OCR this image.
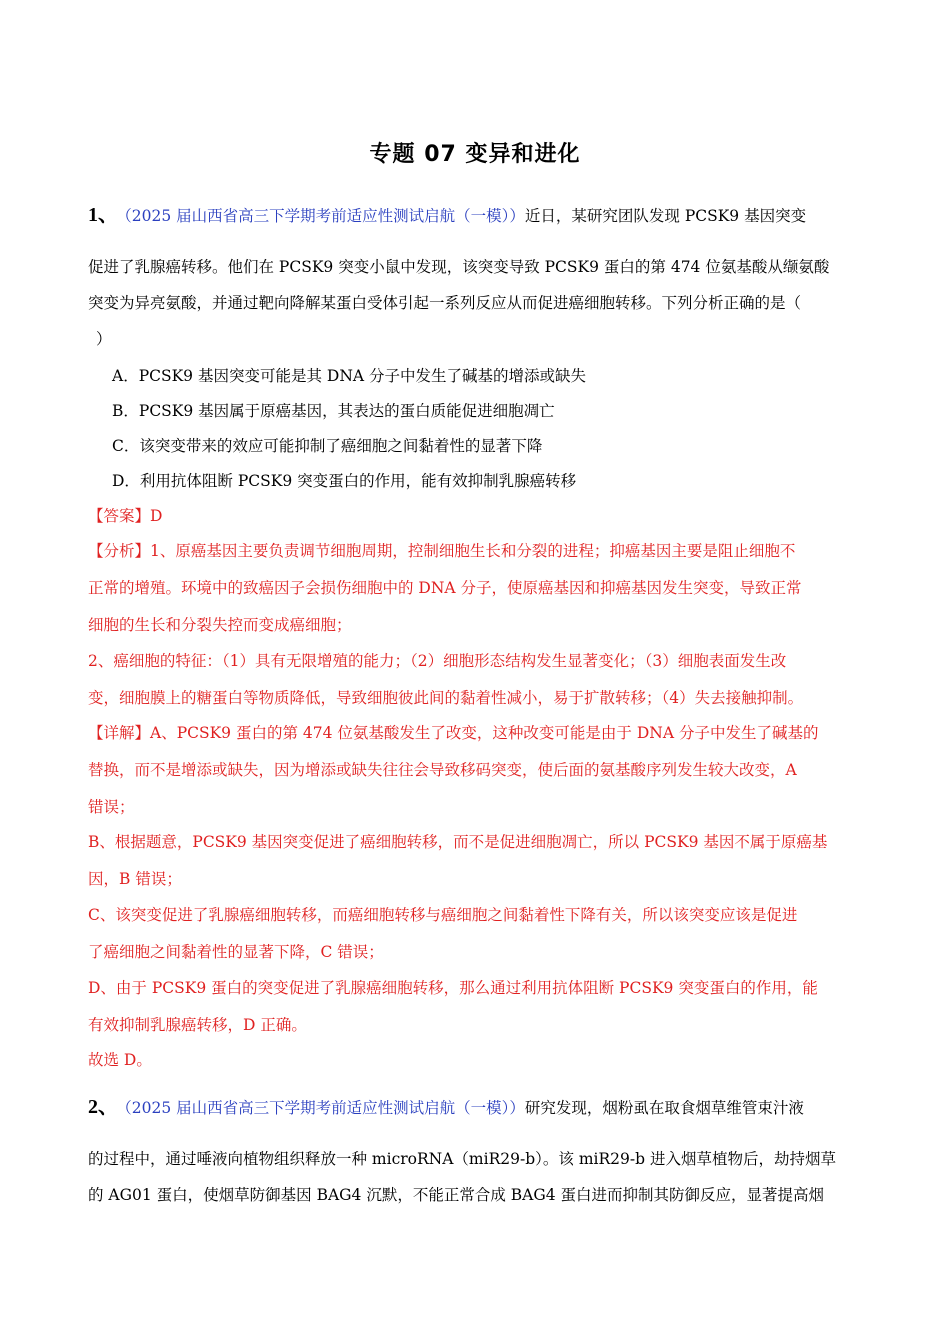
专题 07 变异和进化
1、 （2025 届山西省高三下学期考前适应性测试启航（一模））近日，某研究团队发现 PCSK9 基因突变
促进了乳腺癌转移。他们在 PCSK9 突变小鼠中发现，该突变导致 PCSK9 蛋白的第 474 位氨基酸从缬氨酸
突变为异亮氨酸，并通过靶向降解某蛋白受体引起一系列反应从而促进癌细胞转移。下列分析正确的是（
）
A．PCSK9 基因突变可能是其 DNA 分子中发生了碱基的增添或缺失
B．PCSK9 基因属于原癌基因，其表达的蛋白质能促进细胞凋亡
C．该突变带来的效应可能抑制了癌细胞之间黏着性的显著下降
D．利用抗体阻断 PCSK9 突变蛋白的作用，能有效抑制乳腺癌转移
【答案】D
【分析】1、原癌基因主要负责调节细胞周期，控制细胞生长和分裂的进程；抑癌基因主要是阻止细胞不
正常的增殖。环境中的致癌因子会损伤细胞中的 DNA 分子，使原癌基因和抑癌基因发生突变，导致正常
细胞的生长和分裂失控而变成癌细胞；
2、癌细胞的特征：（1）具有无限增殖的能力；（2）细胞形态结构发生显著变化；（3）细胞表面发生改
变，细胞膜上的糖蛋白等物质降低，导致细胞彼此间的黏着性减小，易于扩散转移；（4）失去接触抑制。
【详解】A、PCSK9 蛋白的第 474 位氨基酸发生了改变，这种改变可能是由于 DNA 分子中发生了碱基的
替换，而不是增添或缺失，因为增添或缺失往往会导致移码突变，使后面的氨基酸序列发生较大改变，A
错误；
B、根据题意，PCSK9 基因突变促进了癌细胞转移，而不是促进细胞凋亡，所以 PCSK9 基因不属于原癌基
因，B 错误；
C、该突变促进了乳腺癌细胞转移，而癌细胞转移与癌细胞之间黏着性下降有关，所以该突变应该是促进
了癌细胞之间黏着性的显著下降，C 错误；
D、由于 PCSK9 蛋白的突变促进了乳腺癌细胞转移，那么通过利用抗体阻断 PCSK9 突变蛋白的作用，能
有效抑制乳腺癌转移，D 正确。
故选 D。
2、 （2025 届山西省高三下学期考前适应性测试启航（一模））研究发现，烟粉虱在取食烟草维管束汁液
的过程中，通过唾液向植物组织释放一种 microRNA（miR29-b）。该 miR29-b 进入烟草植物后，劫持烟草
的 AG01 蛋白，使烟草防御基因 BAG4 沉默，不能正常合成 BAG4 蛋白进而抑制其防御反应，显著提高烟
